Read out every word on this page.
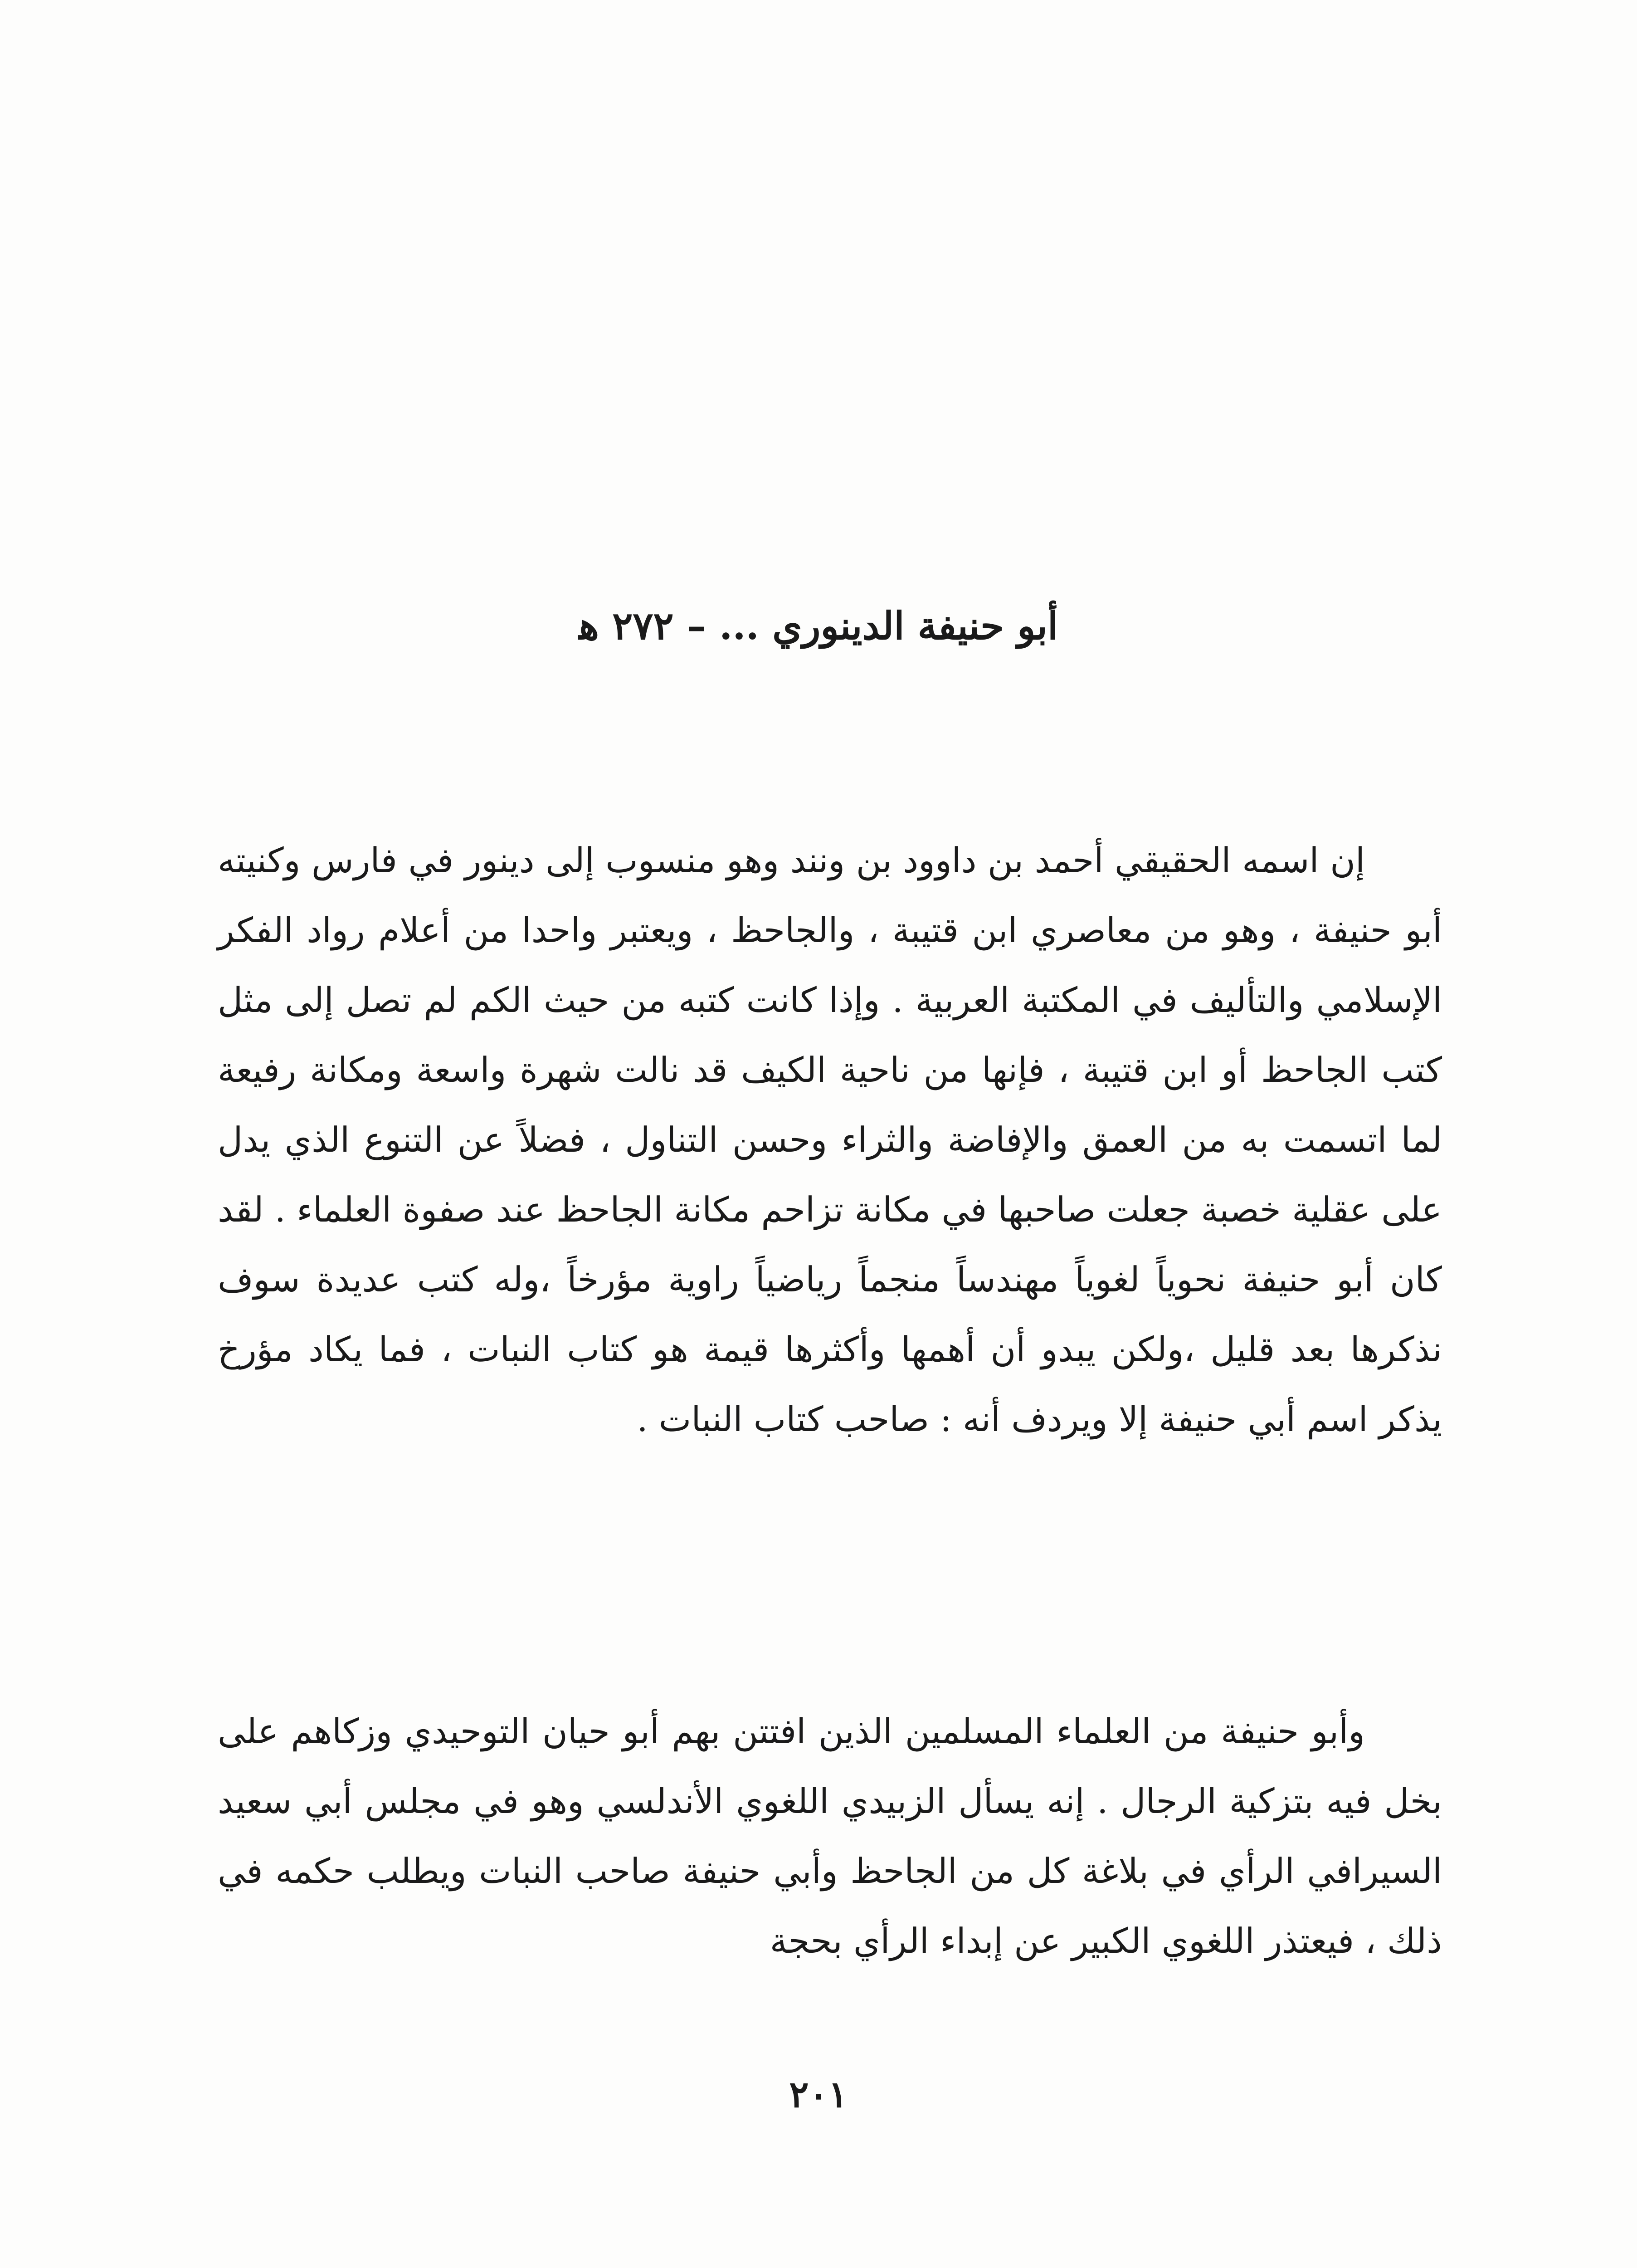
أبو حنيفة الدينوري ... – ٢٧٢ ﻫ

إن اسمه الحقيقي أحمد بن داوود بن ونند وهو منسوب إلى دينور في فارس وكنيته أبو حنيفة ، وهو من معاصري ابن قتيبة ، والجاحظ ، ويعتبر واحدا من أعلام رواد الفكر الإسلامي والتأليف في المكتبة العربية . وإذا كانت كتبه من حيث الكم لم تصل إلى مثل كتب الجاحظ أو ابن قتيبة ، فإنها من ناحية الكيف قد نالت شهرة واسعة ومكانة رفيعة لما اتسمت به من العمق والإفاضة والثراء وحسن التناول ، فضلاً عن التنوع الذي يدل على عقلية خصبة جعلت صاحبها في مكانة تزاحم مكانة الجاحظ عند صفوة العلماء . لقد كان أبو حنيفة نحوياً لغوياً مهندساً منجماً رياضياً راوية مؤرخاً ،وله كتب عديدة سوف نذكرها بعد قليل ،ولكن يبدو أن أهمها وأكثرها قيمة هو كتاب النبات ، فما يكاد مؤرخ يذكر اسم أبي حنيفة إلا ويردف أنه : صاحب كتاب النبات .

وأبو حنيفة من العلماء المسلمين الذين افتتن بهم أبو حيان التوحيدي وزكاهم على بخل فيه بتزكية الرجال . إنه يسأل الزبيدي اللغوي الأندلسي وهو في مجلس أبي سعيد السيرافي الرأي في بلاغة كل من الجاحظ وأبي حنيفة صاحب النبات ويطلب حكمه في ذلك ، فيعتذر اللغوي الكبير عن إبداء الرأي بحجة

٢٠١
